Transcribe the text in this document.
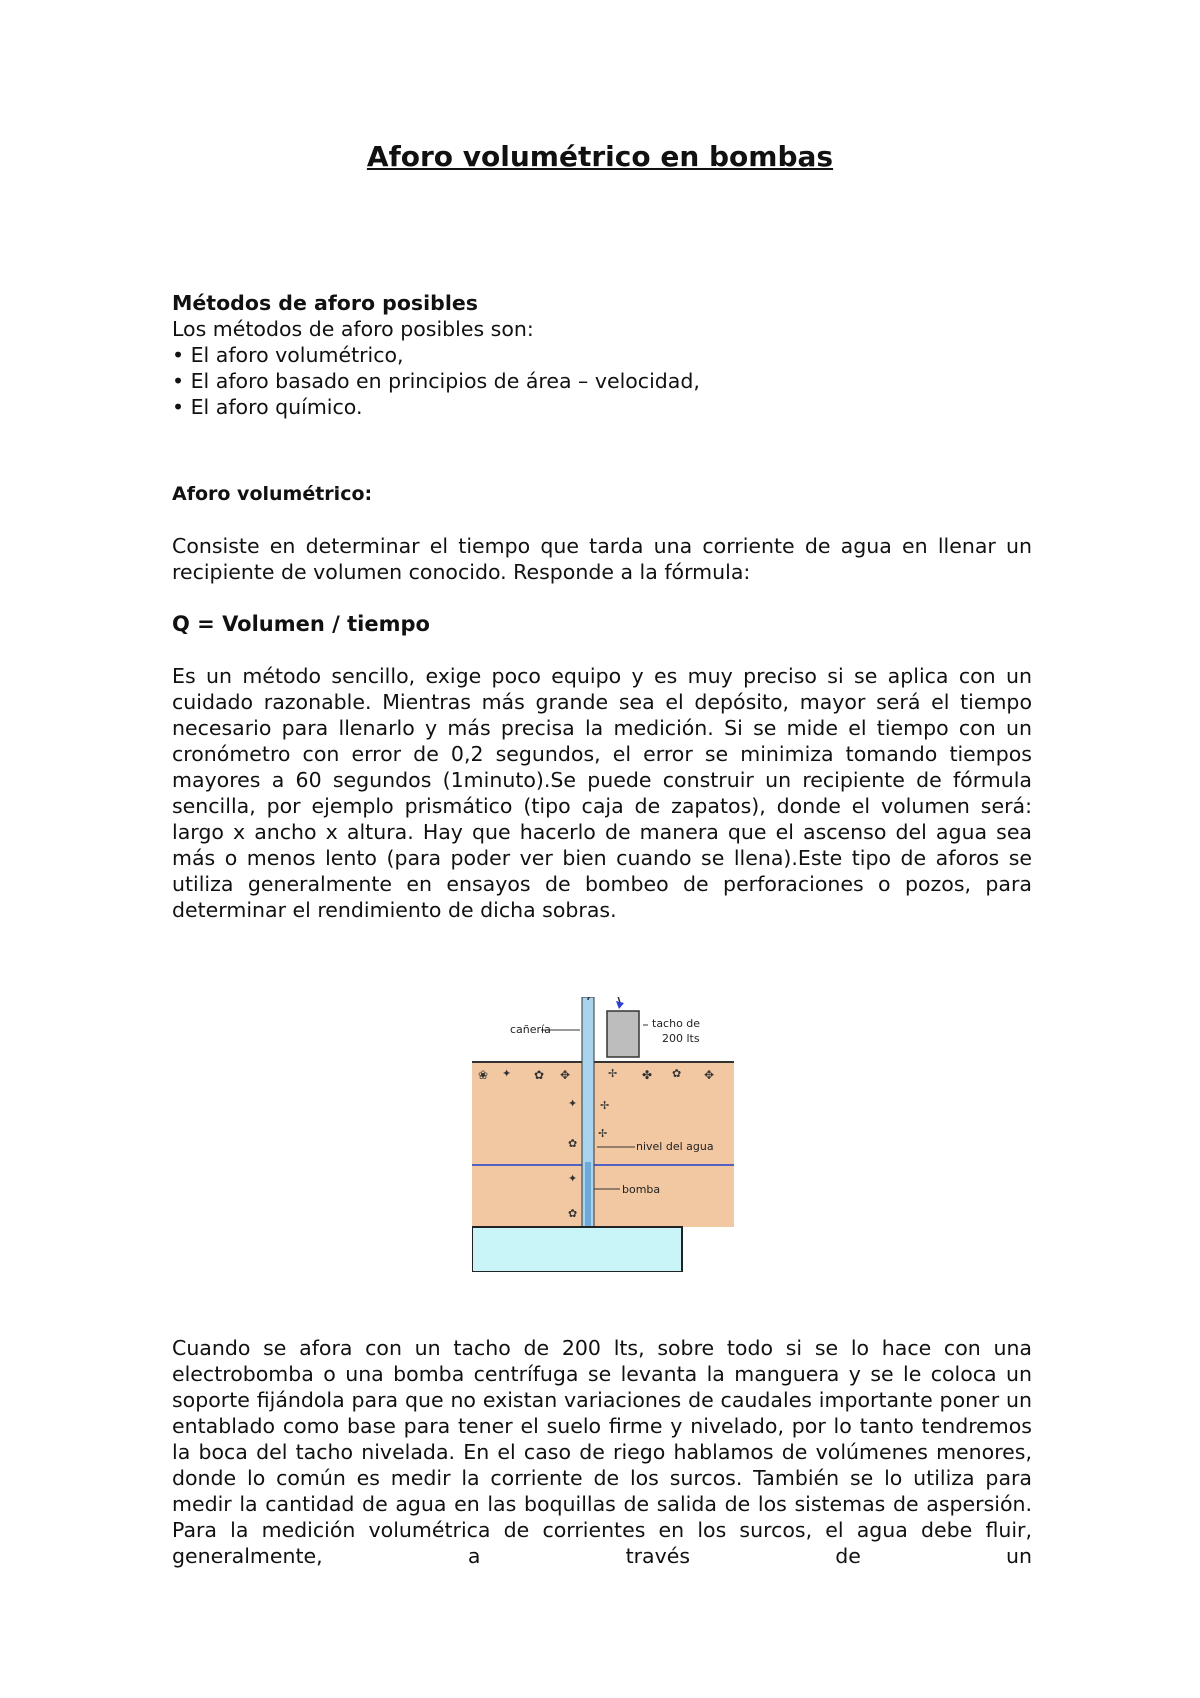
Aforo volumétrico en bombas
Métodos de aforo posibles
Los métodos de aforo posibles son:
• El aforo volumétrico,
• El aforo basado en principios de área – velocidad,
• El aforo químico.
Aforo volumétrico:

Consiste en determinar el tiempo que tarda una corriente de agua en llenar un recipiente de volumen conocido. Responde a la fórmula:

Q = Volumen / tiempo

Es un método sencillo, exige poco equipo y es muy preciso si se aplica con un cuidado razonable. Mientras más grande sea el depósito, mayor será el tiempo necesario para llenarlo y más precisa la medición. Si se mide el tiempo con un cronómetro con error de 0,2 segundos, el error se minimiza tomando tiempos mayores a 60 segundos (1minuto).Se puede construir un recipiente de fórmula sencilla, por ejemplo prismático (tipo caja de zapatos), donde el volumen será: largo x ancho x altura. Hay que hacerlo de manera que el ascenso del agua sea más o menos lento (para poder ver bien cuando se llena).Este tipo de aforos se utiliza generalmente en ensayos de bombeo de perforaciones o pozos, para determinar el rendimiento de dicha sobras.

❀ ✦ ✿ ✥	✢ ✤ ✿ ✥
✦ ✢
✿
✦
✿
✢
cañería	tacho de
200 lts
nivel del agua
bomba

Cuando se afora con un tacho de 200 lts, sobre todo si se lo hace con una electrobomba o una bomba centrífuga se levanta la manguera y se le coloca un soporte fijándola para que no existan variaciones de caudales importante poner un entablado como base para tener el suelo firme y nivelado, por lo tanto tendremos la boca del tacho nivelada. En el caso de riego hablamos de volúmenes menores, donde lo común es medir la corriente de los surcos. También se lo utiliza para medir la cantidad de agua en las boquillas de salida de los sistemas de aspersión. Para la medición volumétrica de corrientes en los surcos, el agua debe fluir, generalmente, a través de un
